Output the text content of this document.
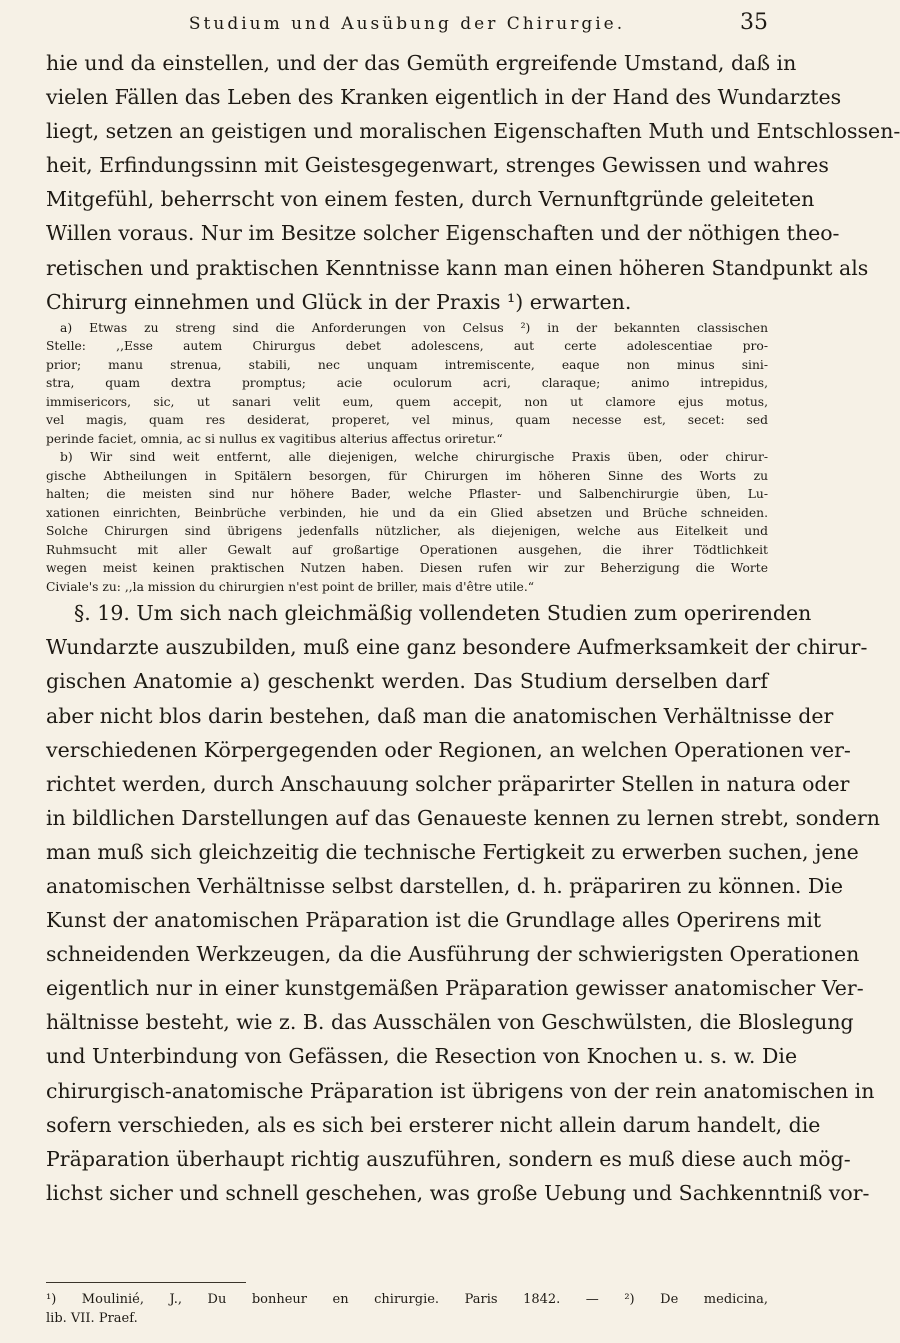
Studium und Ausübung der Chirurgie.	35
hie und da einstellen, und der das Gemüth ergreifende Umstand, daß in
vielen Fällen das Leben des Kranken eigentlich in der Hand des Wundarztes
liegt, setzen an geistigen und moralischen Eigenschaften Muth und Entschlossen-
heit, Erfindungssinn mit Geistesgegenwart, strenges Gewissen und wahres
Mitgefühl, beherrscht von einem festen, durch Vernunftgründe geleiteten
Willen voraus. Nur im Besitze solcher Eigenschaften und der nöthigen theo-
retischen und praktischen Kenntnisse kann man einen höheren Standpunkt als
Chirurg einnehmen und Glück in der Praxis ¹) erwarten.
a) Etwas zu streng sind die Anforderungen von Celsus ²) in der bekannten classischen
Stelle: ,,Esse autem Chirurgus debet adolescens, aut certe adolescentiae pro-
prior; manu strenua, stabili, nec unquam intremiscente, eaque non minus sini-
stra, quam dextra promptus; acie oculorum acri, claraque; animo intrepidus,
immisericors, sic, ut sanari velit eum, quem accepit, non ut clamore ejus motus,
vel magis, quam res desiderat, properet, vel minus, quam necesse est, secet: sed
perinde faciet, omnia, ac si nullus ex vagitibus alterius affectus oriretur.“
b) Wir sind weit entfernt, alle diejenigen, welche chirurgische Praxis üben, oder chirur-
gische Abtheilungen in Spitälern besorgen, für Chirurgen im höheren Sinne des Worts zu
halten; die meisten sind nur höhere Bader, welche Pflaster- und Salbenchirurgie üben, Lu-
xationen einrichten, Beinbrüche verbinden, hie und da ein Glied absetzen und Brüche schneiden.
Solche Chirurgen sind übrigens jedenfalls nützlicher, als diejenigen, welche aus Eitelkeit und
Ruhmsucht mit aller Gewalt auf großartige Operationen ausgehen, die ihrer Tödtlichkeit
wegen meist keinen praktischen Nutzen haben. Diesen rufen wir zur Beherzigung die Worte
Civiale's zu: ,,la mission du chirurgien n'est point de briller, mais d'être utile.“
§. 19. Um sich nach gleichmäßig vollendeten Studien zum operirenden
Wundarzte auszubilden, muß eine ganz besondere Aufmerksamkeit der chirur-
gischen Anatomie a) geschenkt werden. Das Studium derselben darf
aber nicht blos darin bestehen, daß man die anatomischen Verhältnisse der
verschiedenen Körpergegenden oder Regionen, an welchen Operationen ver-
richtet werden, durch Anschauung solcher präparirter Stellen in natura oder
in bildlichen Darstellungen auf das Genaueste kennen zu lernen strebt, sondern
man muß sich gleichzeitig die technische Fertigkeit zu erwerben suchen, jene
anatomischen Verhältnisse selbst darstellen, d. h. präpariren zu können. Die
Kunst der anatomischen Präparation ist die Grundlage alles Operirens mit
schneidenden Werkzeugen, da die Ausführung der schwierigsten Operationen
eigentlich nur in einer kunstgemäßen Präparation gewisser anatomischer Ver-
hältnisse besteht, wie z. B. das Ausschälen von Geschwülsten, die Bloslegung
und Unterbindung von Gefässen, die Resection von Knochen u. s. w. Die
chirurgisch-anatomische Präparation ist übrigens von der rein anatomischen in
sofern verschieden, als es sich bei ersterer nicht allein darum handelt, die
Präparation überhaupt richtig auszuführen, sondern es muß diese auch mög-
lichst sicher und schnell geschehen, was große Uebung und Sachkenntniß vor-
¹) Moulinié, J., Du bonheur en chirurgie. Paris 1842. — ²) De medicina,
lib. VII. Praef.
